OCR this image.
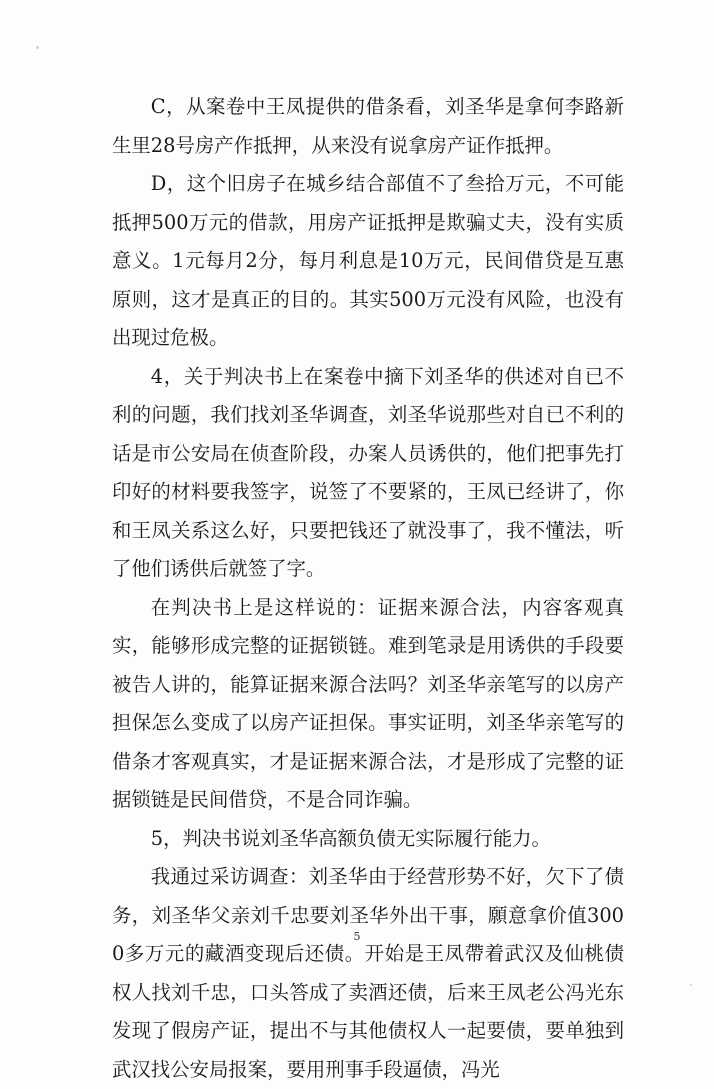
C，从案卷中王凤提供的借条看，刘圣华是拿何李路新生里28号房产作抵押，从来没有说拿房产证作抵押。

D，这个旧房子在城乡结合部值不了叁拾万元，不可能抵押500万元的借款，用房产证抵押是欺骗丈夫，没有实质意义。1元每月2分，每月利息是10万元，民间借贷是互惠原则，这才是真正的目的。其实500万元没有风险，也没有出现过危极。

4，关于判决书上在案卷中摘下刘圣华的供述对自已不利的问题，我们找刘圣华调查，刘圣华说那些对自已不利的话是市公安局在侦查阶段，办案人员诱供的，他们把事先打印好的材料要我签字，说签了不要紧的，王凤已经讲了，你和王凤关系这么好，只要把钱还了就没事了，我不懂法，听了他们诱供后就签了字。

在判决书上是这样说的：证据来源合法，内容客观真实，能够形成完整的证据锁链。难到笔录是用诱供的手段要被告人讲的，能算证据来源合法吗？刘圣华亲笔写的以房产担保怎么变成了以房产证担保。事实证明，刘圣华亲笔写的借条才客观真实，才是证据来源合法，才是形成了完整的证据锁链是民间借贷，不是合同诈骗。

5，判决书说刘圣华高额负债无实际履行能力。

我通过采访调查：刘圣华由于经营形势不好，欠下了债务，刘圣华父亲刘千忠要刘圣华外出干事，願意拿价值3000多万元的藏酒变现后还债。开始是王凤帶着武汉及仙桃债权人找刘千忠，口头答成了卖酒还债，后来王凤老公冯光东发现了假房产证，提出不与其他债权人一起要债，要单独到武汉找公安局报案，要用刑事手段逼债，冯光

5
